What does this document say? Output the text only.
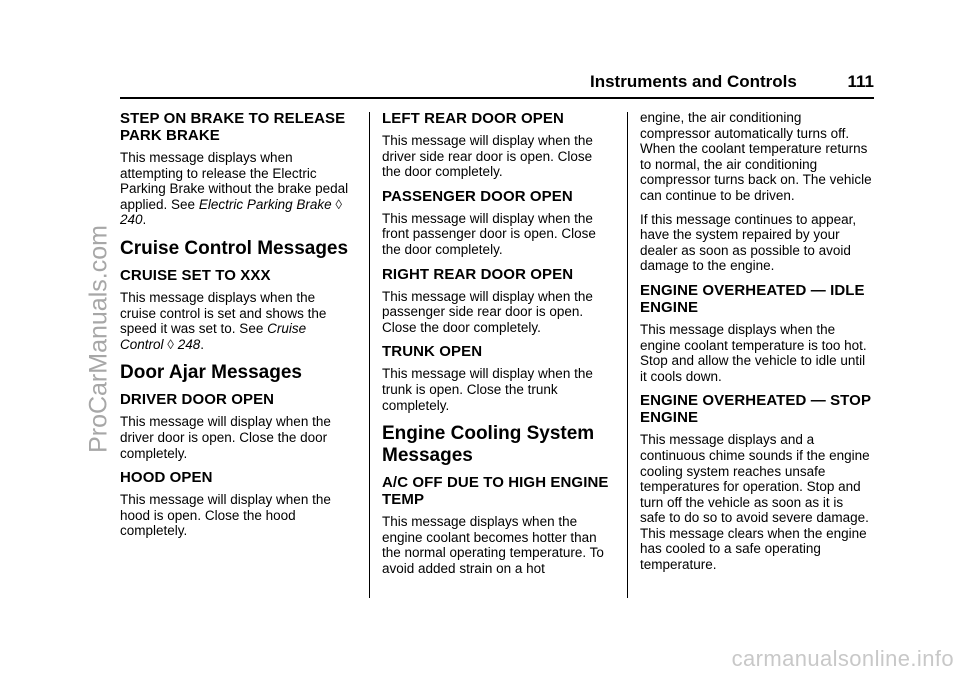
ProCarManuals.com
Instruments and Controls	111
STEP ON BRAKE TO RELEASE PARK BRAKE

This message displays when attempting to release the Electric Parking Brake without the brake pedal applied. See Electric Parking Brake ◊ 240.

Cruise Control Messages
CRUISE SET TO XXX

This message displays when the cruise control is set and shows the speed it was set to. See Cruise Control ◊ 248.

Door Ajar Messages
DRIVER DOOR OPEN

This message will display when the driver door is open. Close the door completely.

HOOD OPEN

This message will display when the hood is open. Close the hood completely.

LEFT REAR DOOR OPEN

This message will display when the driver side rear door is open. Close the door completely.

PASSENGER DOOR OPEN

This message will display when the front passenger door is open. Close the door completely.

RIGHT REAR DOOR OPEN

This message will display when the passenger side rear door is open. Close the door completely.

TRUNK OPEN

This message will display when the trunk is open. Close the trunk completely.

Engine Cooling System Messages
A/C OFF DUE TO HIGH ENGINE TEMP

This message displays when the engine coolant becomes hotter than the normal operating temperature. To avoid added strain on a hot

engine, the air conditioning compressor automatically turns off. When the coolant temperature returns to normal, the air conditioning compressor turns back on. The vehicle can continue to be driven.

If this message continues to appear, have the system repaired by your dealer as soon as possible to avoid damage to the engine.

ENGINE OVERHEATED — IDLE ENGINE

This message displays when the engine coolant temperature is too hot. Stop and allow the vehicle to idle until it cools down.

ENGINE OVERHEATED — STOP ENGINE

This message displays and a continuous chime sounds if the engine cooling system reaches unsafe temperatures for operation. Stop and turn off the vehicle as soon as it is safe to do so to avoid severe damage. This message clears when the engine has cooled to a safe operating temperature.

carmanualsonline.info
